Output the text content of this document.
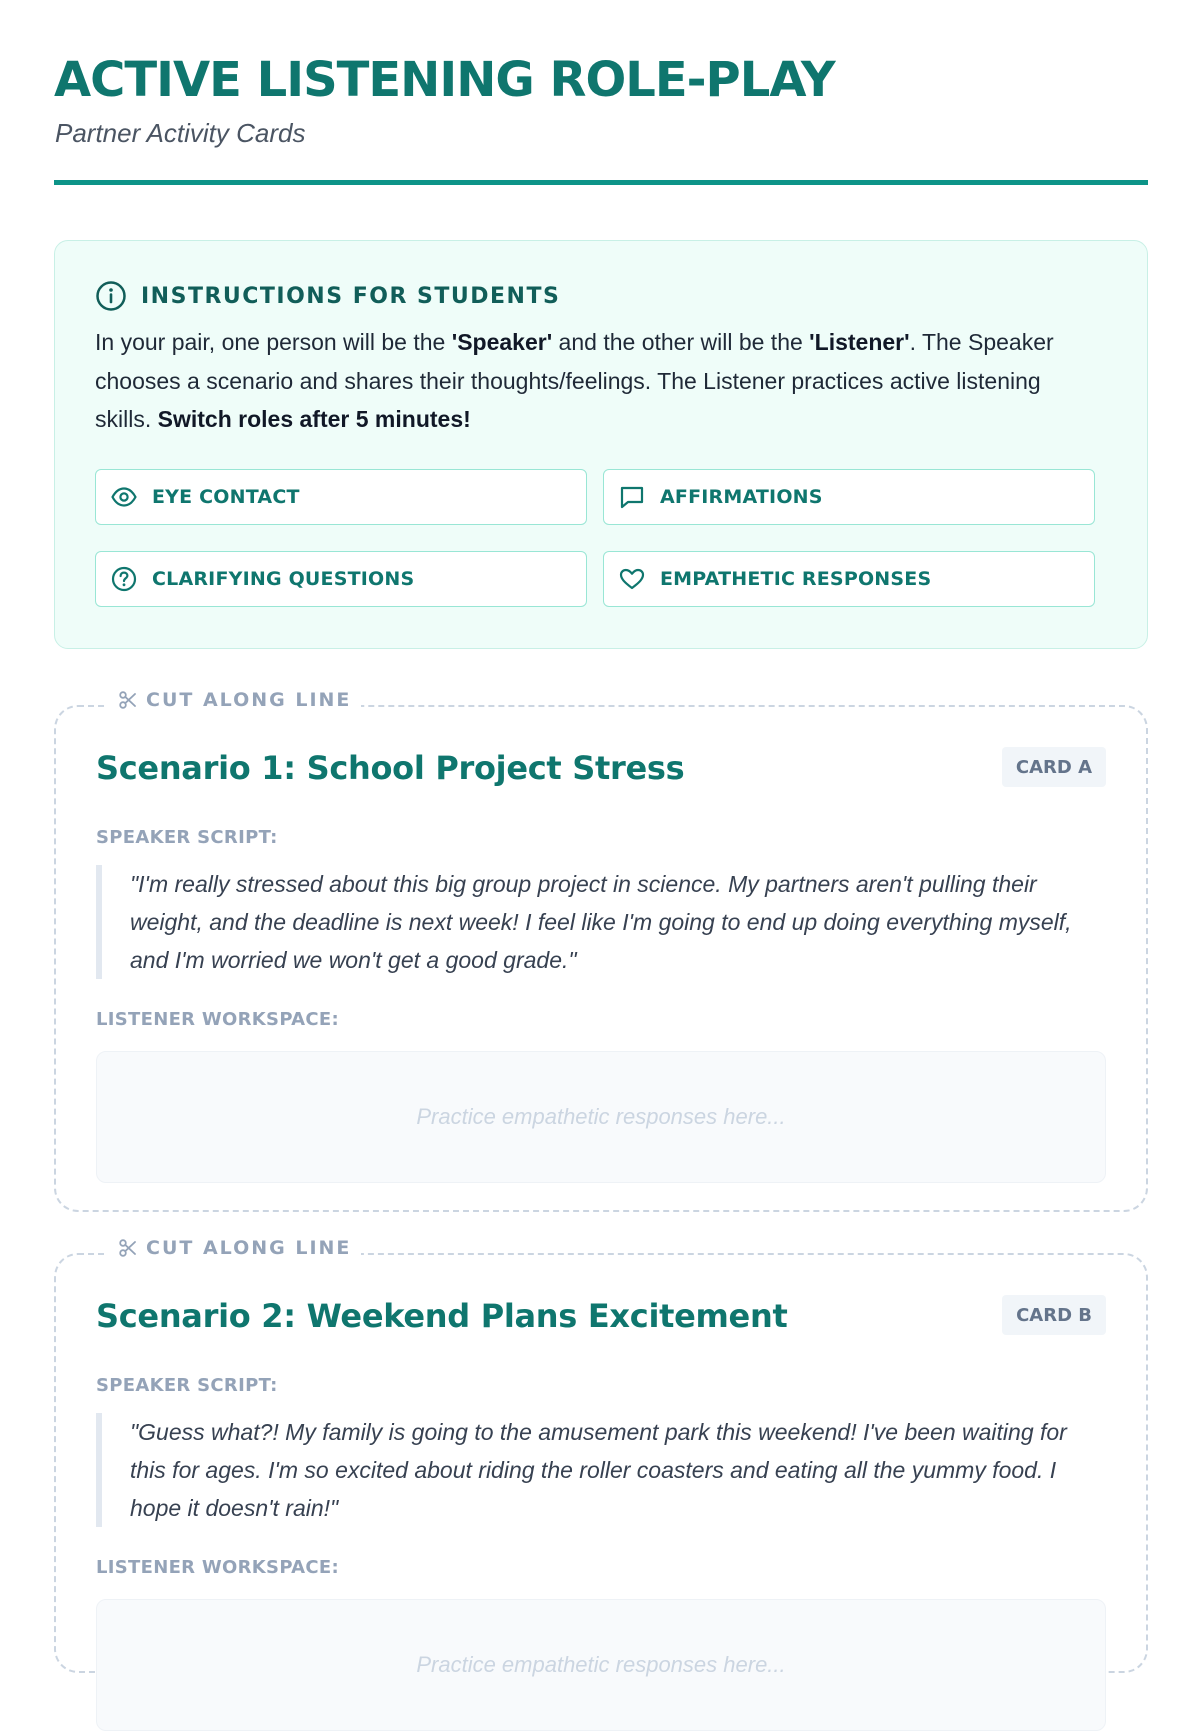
ACTIVE LISTENING ROLE-PLAY
Partner Activity Cards
INSTRUCTIONS FOR STUDENTS

In your pair, one person will be the 'Speaker' and the other will be the 'Listener'. The Speaker chooses a scenario and shares their thoughts/feelings. The Listener practices active listening skills. Switch roles after 5 minutes!

EYE CONTACT	AFFIRMATIONS
CLARIFYING QUESTIONS	EMPATHETIC RESPONSES
CUT ALONG LINE
Scenario 1: School Project Stress	CARD A
SPEAKER SCRIPT:
"I'm really stressed about this big group project in science. My partners aren't pulling their weight, and the deadline is next week! I feel like I'm going to end up doing everything myself, and I'm worried we won't get a good grade."
LISTENER WORKSPACE:
Practice empathetic responses here...
CUT ALONG LINE
Scenario 2: Weekend Plans Excitement	CARD B
SPEAKER SCRIPT:
"Guess what?! My family is going to the amusement park this weekend! I've been waiting for this for ages. I'm so excited about riding the roller coasters and eating all the yummy food. I hope it doesn't rain!"
LISTENER WORKSPACE:
Practice empathetic responses here...
